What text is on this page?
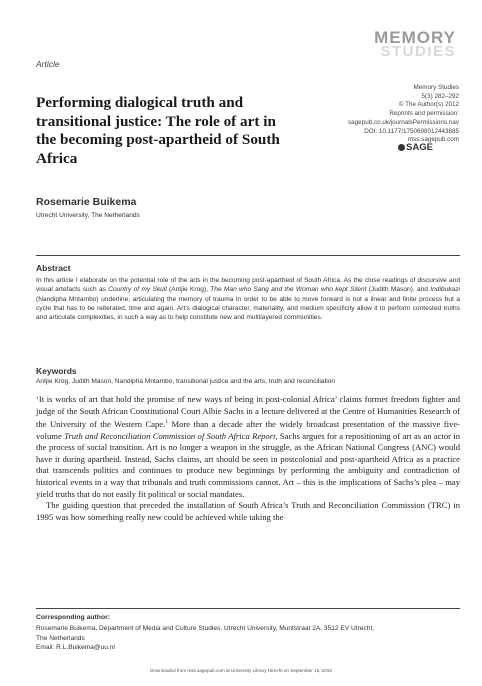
Article
MEMORY
STUDIES
Memory Studies
5(3) 282–292
© The Author(s) 2012
Reprints and permission:
sagepub.co.uk/journalsPermissions.nav
DOI: 10.1177/1750698012443885
mss.sagepub.com
SAGE
Performing dialogical truth and transitional justice: The role of art in the becoming post-apartheid of South Africa
Rosemarie Buikema
Utrecht University, The Netherlands
Abstract
In this article I elaborate on the potential role of the arts in the becoming post-apartheid of South Africa. As the close readings of discursive and visual artefacts such as Country of my Skull (Antjie Krog), The Man who Sang and the Woman who kept Silent (Judith Mason), and Indibukazi (Nandipha Mntambo) underline, articulating the memory of trauma in order to be able to move forward is not a linear and finite process but a cycle that has to be reiterated, time and again. Art’s dialogical character, materiality, and medium specificity allow it to perform contested truths and articulate complexities, in such a way as to help constitute new and multilayered communities.
Keywords
Antjie Krog, Judith Mason, Nandipha Mntambo, transitional justice and the arts, truth and reconciliation

‘It is works of art that hold the promise of new ways of being in post-colonial Africa’ claims former freedom fighter and judge of the South African Constitutional Court Albie Sachs in a lecture delivered at the Centre of Humanities Research of the University of the Western Cape.$^1$ More than a decade after the widely broadcast presentation of the massive five-volume Truth and Reconciliation Commission of South Africa Report, Sachs argues for a repositioning of art as an actor in the process of social transition. Art is no longer a weapon in the struggle, as the African National Congress (ANC) would have it during apartheid. Instead, Sachs claims, art should be seen in postcolonial and post-apartheid Africa as a practice that transcends politics and continues to produce new beginnings by performing the ambiguity and contradiction of historical events in a way that tribunals and truth commissions cannot. Art – this is the implications of Sachs’s plea – may yield truths that do not easily fit political or social mandates.

The guiding question that preceded the installation of South Africa’s Truth and Reconciliation Commission (TRC) in 1995 was how something really new could be achieved while taking the

Corresponding author:
Rosemarie Buikema, Department of Media and Culture Studies, Utrecht University, Muntstraat 2A, 3512 EV Utrecht,
The Netherlands
Email: R.L.Buikema@uu.nl
Downloaded from mss.sagepub.com at University Library Utrecht on September 16, 2015
